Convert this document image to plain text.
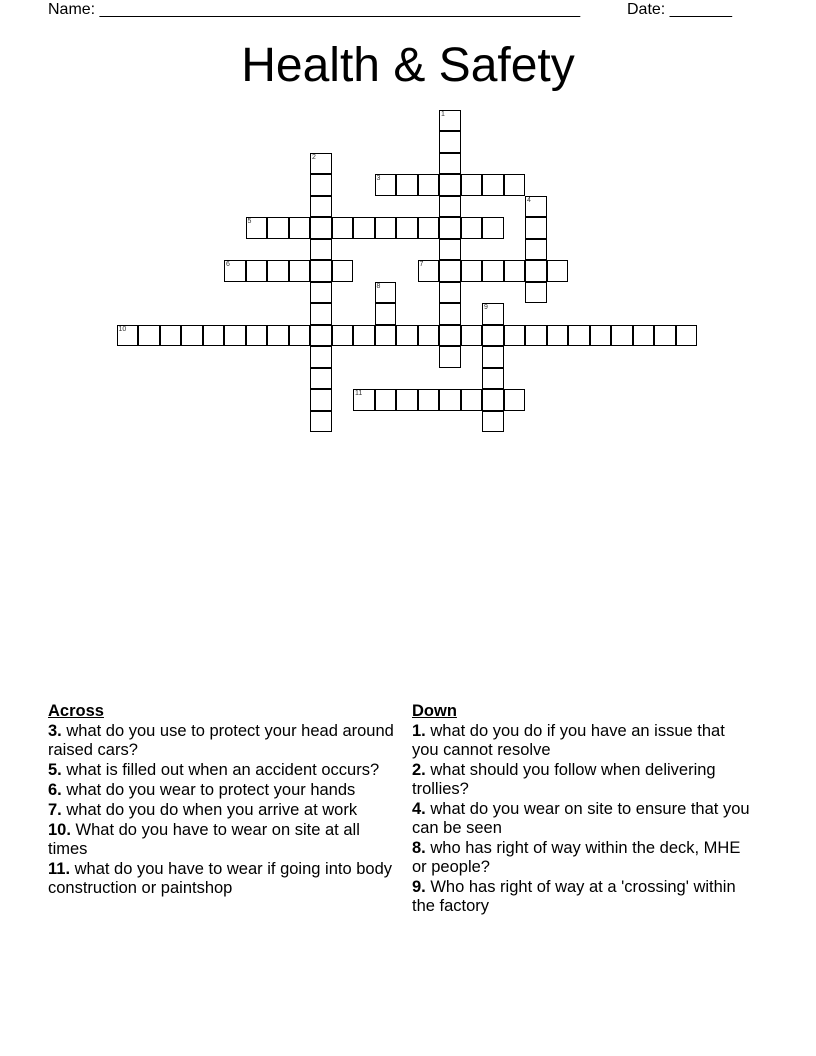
Name: ______________________________________________________	Date: _______
Health & Safety
1
2
3
4
5
6	7
8
9
10
11
Across
3. what do you use to protect your head around raised cars?
5. what is filled out when an accident occurs?
6. what do you wear to protect your hands
7. what do you do when you arrive at work
10. What do you have to wear on site at all times
11. what do you have to wear if going into body construction or paintshop
Down
1. what do you do if you have an issue that you cannot resolve
2. what should you follow when delivering trollies?
4. what do you wear on site to ensure that you can be seen
8. who has right of way within the deck, MHE or people?
9. Who has right of way at a 'crossing' within the factory
